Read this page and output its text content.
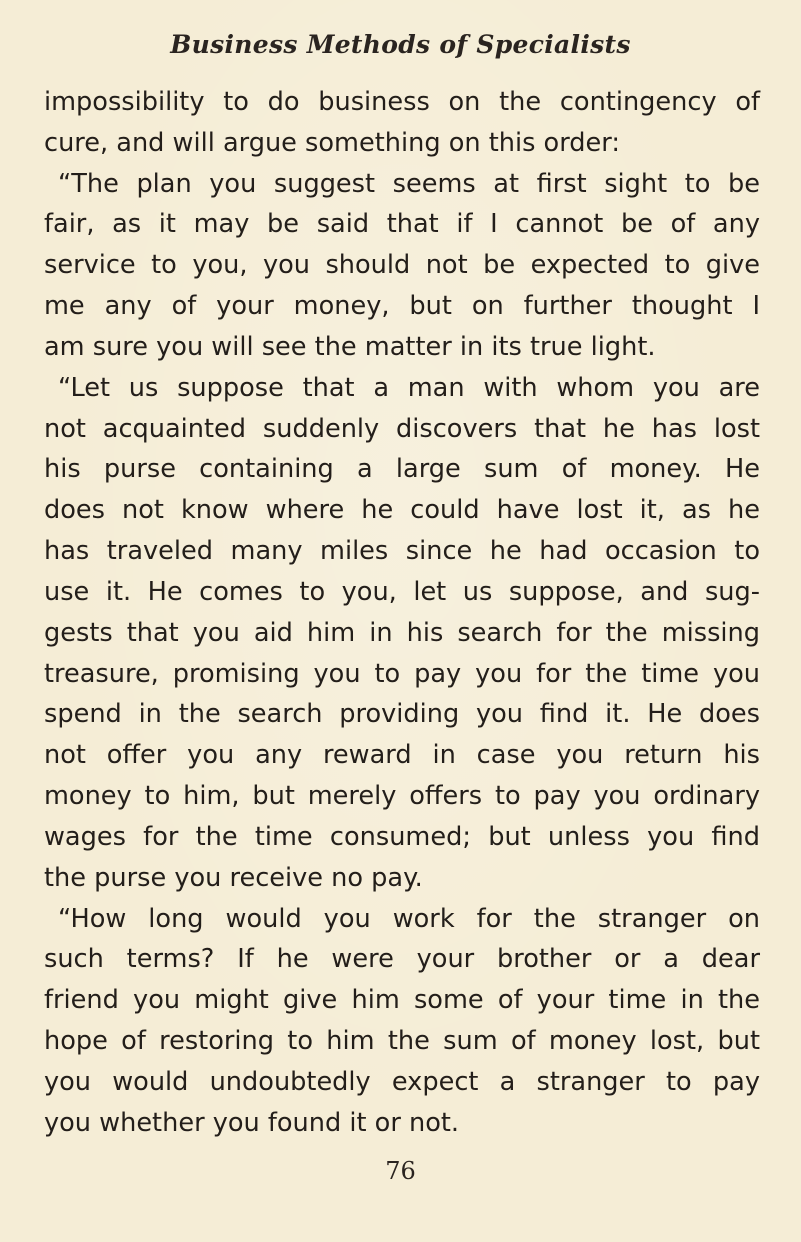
Business Methods of Specialists
impossibility to do business on the contingency of
cure, and will argue something on this order:
“The plan you suggest seems at first sight to be
fair, as it may be said that if I cannot be of any
service to you, you should not be expected to give
me any of your money, but on further thought I
am sure you will see the matter in its true light.
“Let us suppose that a man with whom you are
not acquainted suddenly discovers that he has lost
his purse containing a large sum of money. He
does not know where he could have lost it, as he
has traveled many miles since he had occasion to
use it. He comes to you, let us suppose, and sug-
gests that you aid him in his search for the missing
treasure, promising you to pay you for the time you
spend in the search providing you find it. He does
not offer you any reward in case you return his
money to him, but merely offers to pay you ordinary
wages for the time consumed; but unless you find
the purse you receive no pay.
“How long would you work for the stranger on
such terms? If he were your brother or a dear
friend you might give him some of your time in the
hope of restoring to him the sum of money lost, but
you would undoubtedly expect a stranger to pay
you whether you found it or not.

76
